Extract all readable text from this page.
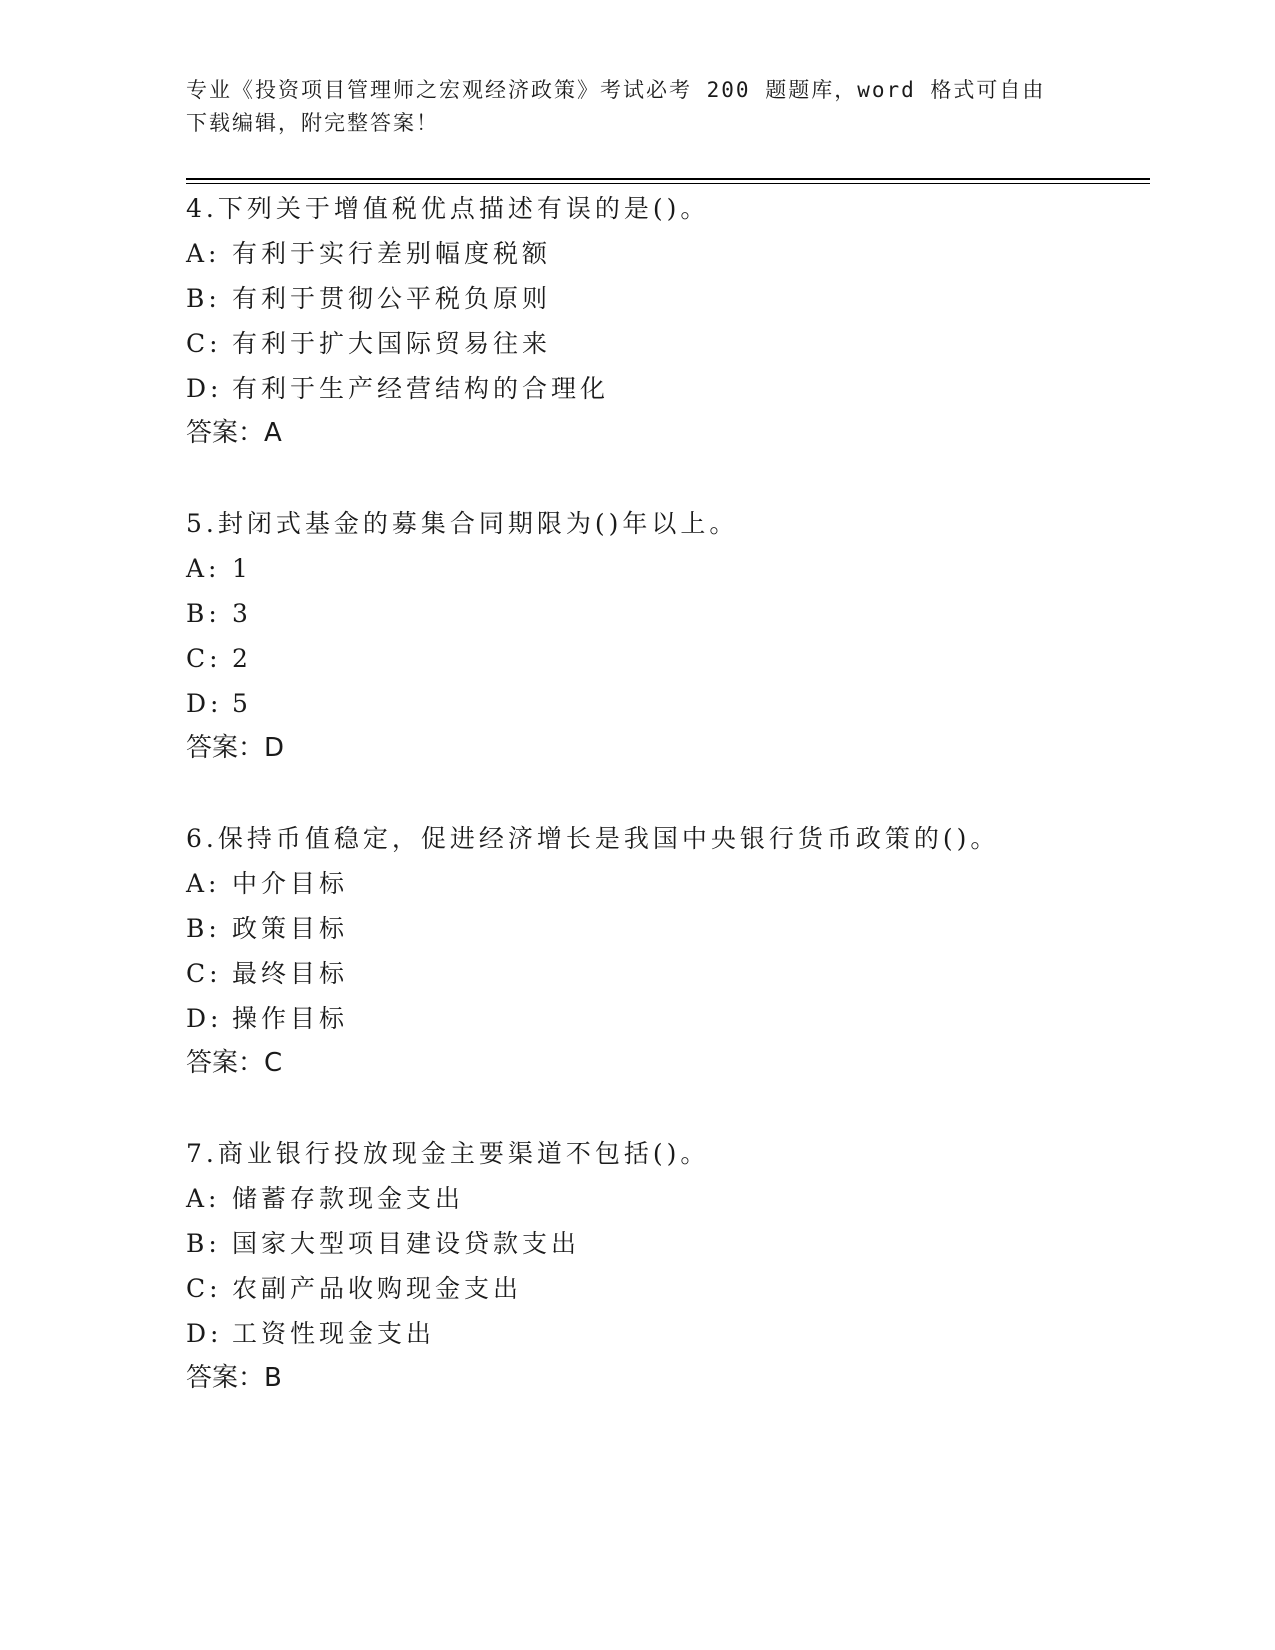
专业《投资项目管理师之宏观经济政策》考试必考 200 题题库，word 格式可自由
下载编辑，附完整答案！
4.下列关于增值税优点描述有误的是()。
A: 有利于实行差别幅度税额
B: 有利于贯彻公平税负原则
C: 有利于扩大国际贸易往来
D: 有利于生产经营结构的合理化
答案：A
5.封闭式基金的募集合同期限为()年以上。
A: 1
B: 3
C: 2
D: 5
答案：D
6.保持币值稳定，促进经济增长是我国中央银行货币政策的()。
A: 中介目标
B: 政策目标
C: 最终目标
D: 操作目标
答案：C
7.商业银行投放现金主要渠道不包括()。
A: 储蓄存款现金支出
B: 国家大型项目建设贷款支出
C: 农副产品收购现金支出
D: 工资性现金支出
答案：B
